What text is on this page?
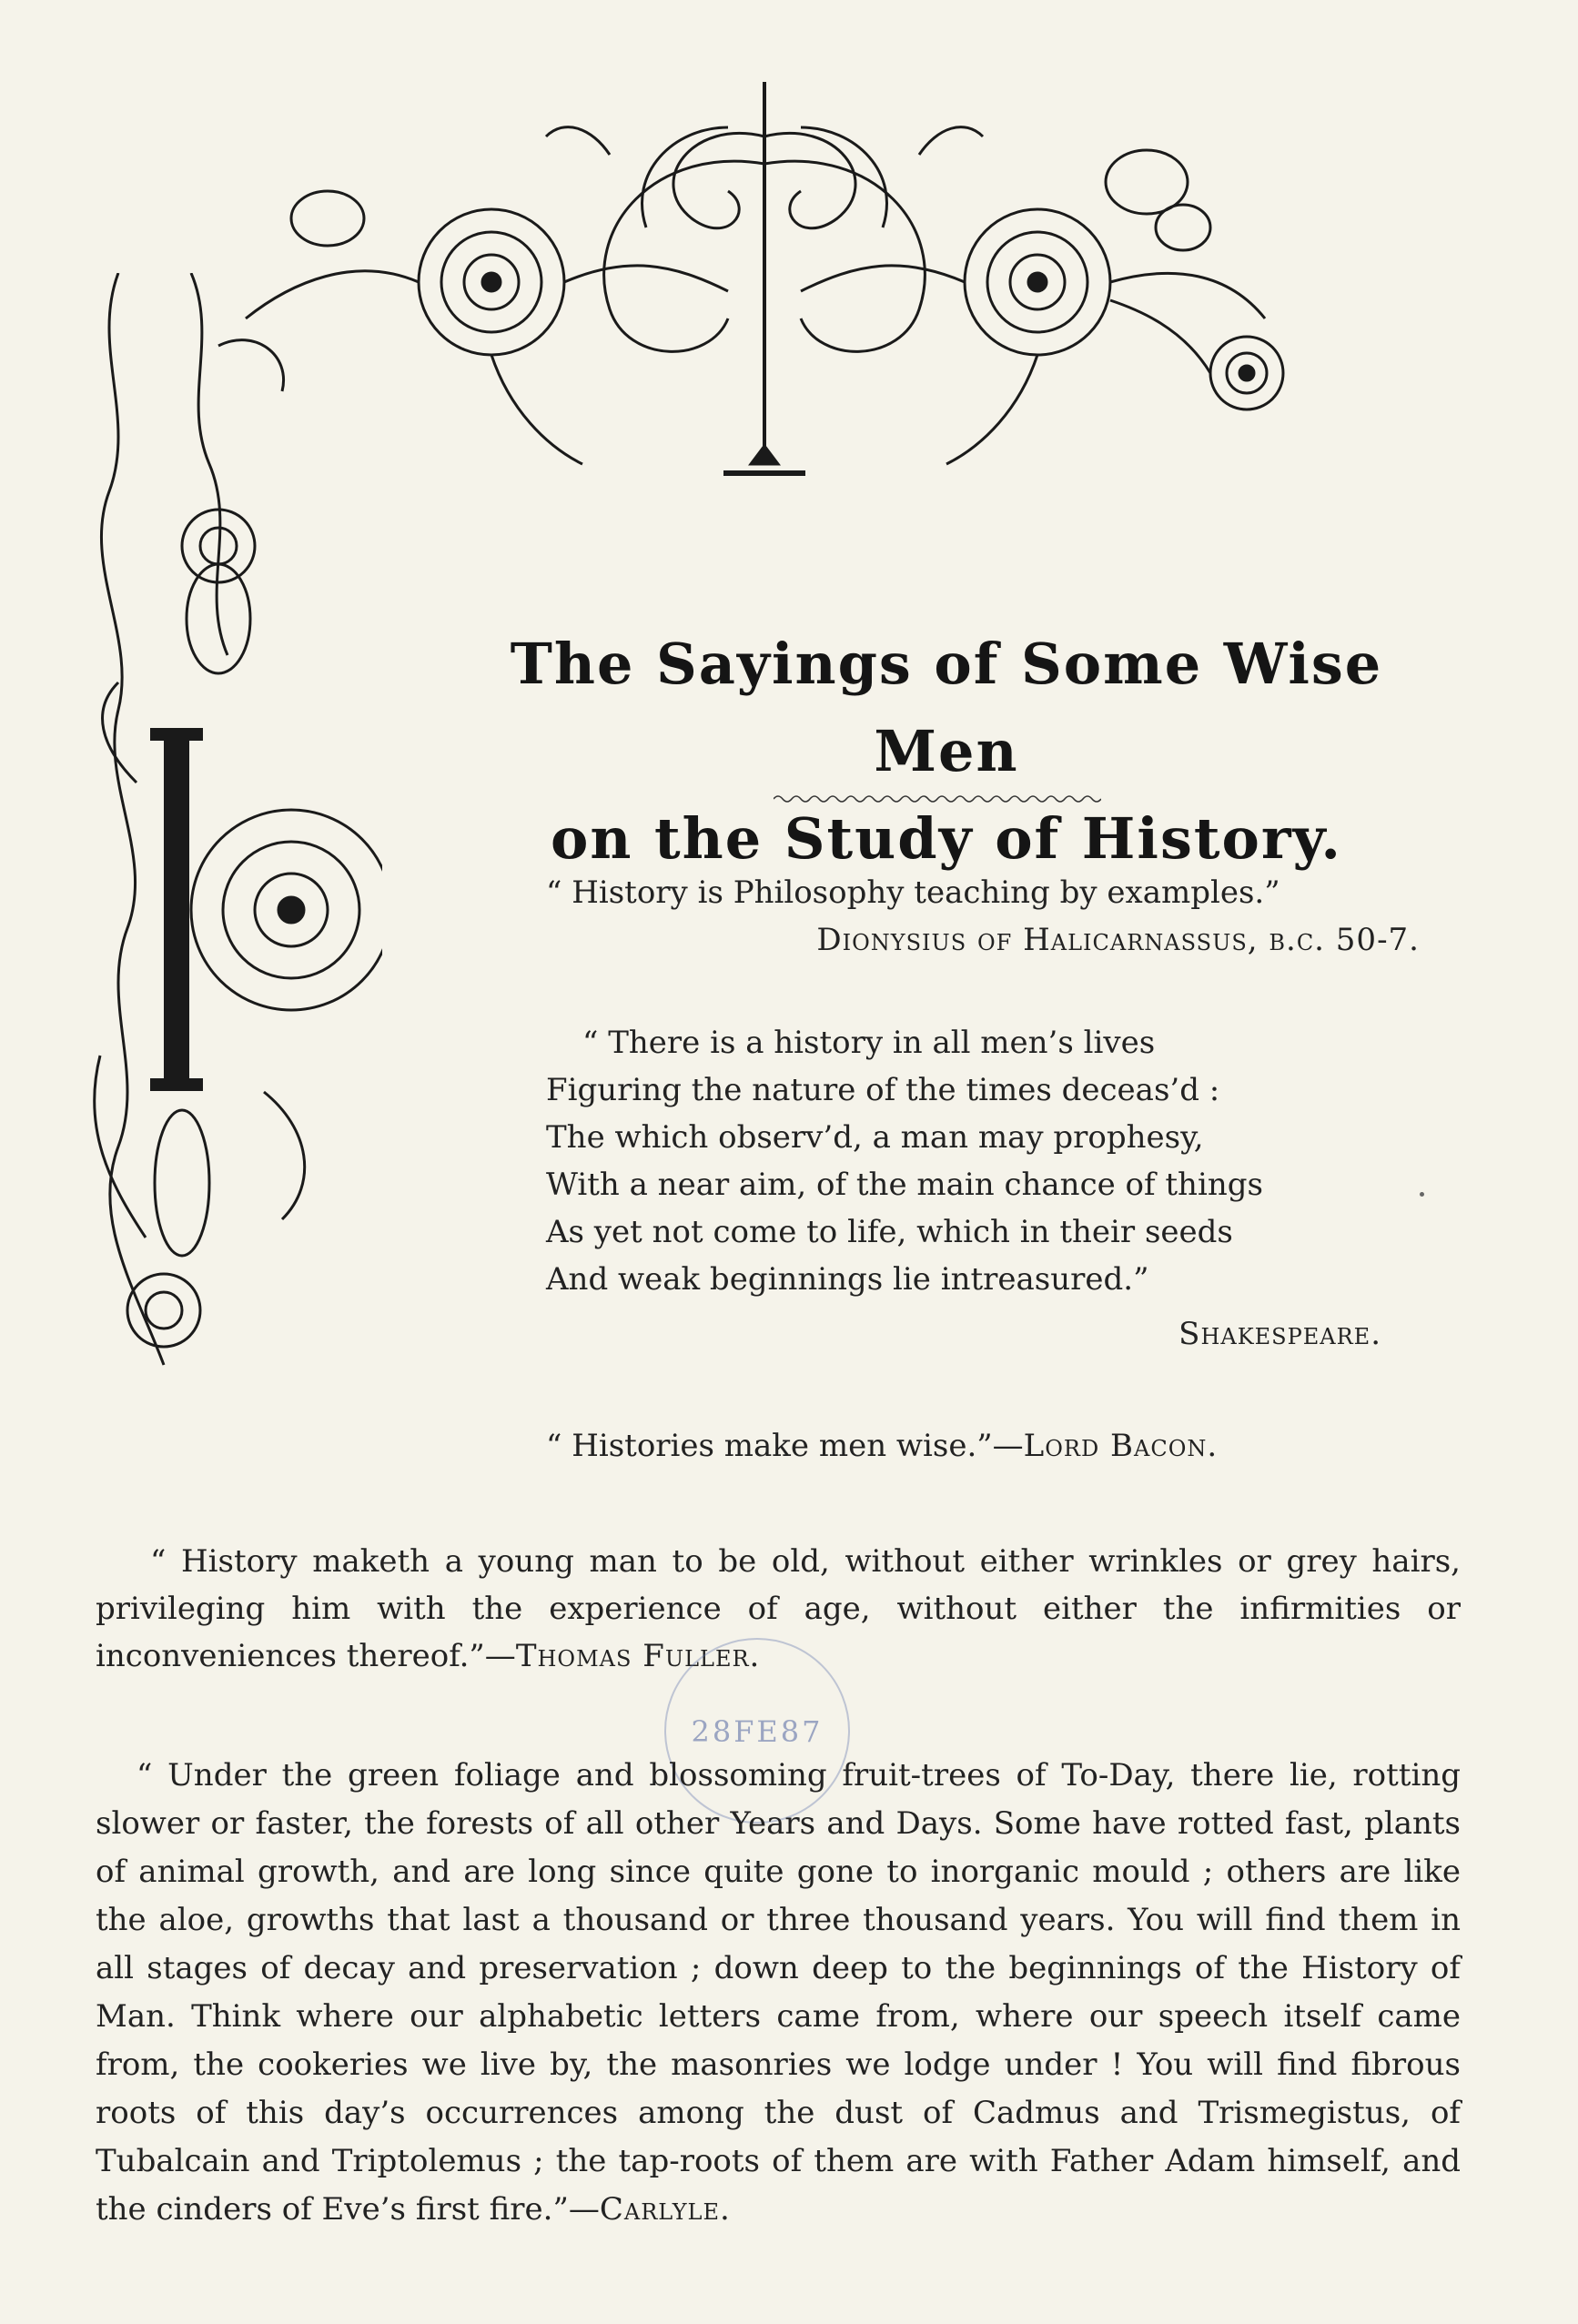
The Sayings of Some Wise Men
on the Study of History.
“ History is Philosophy teaching by examples.”
Dionysius of Halicarnassus, b.c. 50-7.
“ There is a history in all men’s lives
Figuring the nature of the times deceas’d :
The which observ’d, a man may prophesy,
With a near aim, of the main chance of things
As yet not come to life, which in their seeds
And weak beginnings lie intreasured.”
Shakespeare.
“ Histories make men wise.”—Lord Bacon.

“ History maketh a young man to be old, without either wrinkles or grey hairs, privileging him with the experience of age, without either the infirmities or inconveniences thereof.”—Thomas Fuller.

28FE87

“ Under the green foliage and blossoming fruit-trees of To-Day, there lie, rotting slower or faster, the forests of all other Years and Days. Some have rotted fast, plants of animal growth, and are long since quite gone to inorganic mould ; others are like the aloe, growths that last a thousand or three thousand years. You will find them in all stages of decay and preservation ; down deep to the beginnings of the History of Man. Think where our alphabetic letters came from, where our speech itself came from, the cookeries we live by, the masonries we lodge under ! You will find fibrous roots of this day’s occurrences among the dust of Cadmus and Trismegistus, of Tubalcain and Triptolemus ; the tap-roots of them are with Father Adam himself, and the cinders of Eve’s first fire.”—Carlyle.
